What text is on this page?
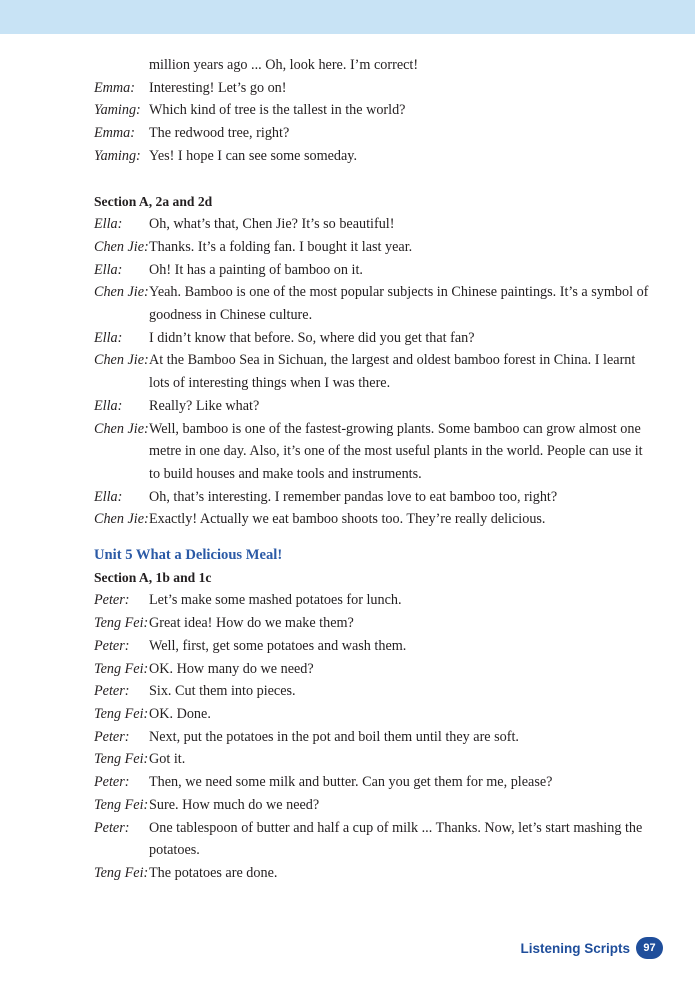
million years ago ... Oh, look here. I’m correct!
Emma: Interesting! Let’s go on!
Yaming: Which kind of tree is the tallest in the world?
Emma: The redwood tree, right?
Yaming: Yes! I hope I can see some someday.
Section A, 2a and 2d
Ella:	Oh, what’s that, Chen Jie? It’s so beautiful!
Chen Jie: Thanks. It’s a folding fan. I bought it last year.
Ella:	Oh! It has a painting of bamboo on it.
Chen Jie: Yeah. Bamboo is one of the most popular subjects in Chinese paintings. It’s a symbol of goodness in Chinese culture.
Ella:	I didn’t know that before. So, where did you get that fan?
Chen Jie: At the Bamboo Sea in Sichuan, the largest and oldest bamboo forest in China. I learnt lots of interesting things when I was there.
Ella:	Really? Like what?
Chen Jie: Well, bamboo is one of the fastest-growing plants. Some bamboo can grow almost one metre in one day. Also, it’s one of the most useful plants in the world. People can use it to build houses and make tools and instruments.
Ella:	Oh, that’s interesting. I remember pandas love to eat bamboo too, right?
Chen Jie: Exactly! Actually we eat bamboo shoots too. They’re really delicious.
Unit 5 What a Delicious Meal!
Section A, 1b and 1c
Peter:	Let’s make some mashed potatoes for lunch.
Teng Fei: Great idea! How do we make them?
Peter:	Well, first, get some potatoes and wash them.
Teng Fei: OK. How many do we need?
Peter:	Six. Cut them into pieces.
Teng Fei: OK. Done.
Peter:	Next, put the potatoes in the pot and boil them until they are soft.
Teng Fei: Got it.
Peter:	Then, we need some milk and butter. Can you get them for me, please?
Teng Fei: Sure. How much do we need?
Peter:	One tablespoon of butter and half a cup of milk ... Thanks. Now, let’s start mashing the potatoes.
Teng Fei: The potatoes are done.
Listening Scripts	97
